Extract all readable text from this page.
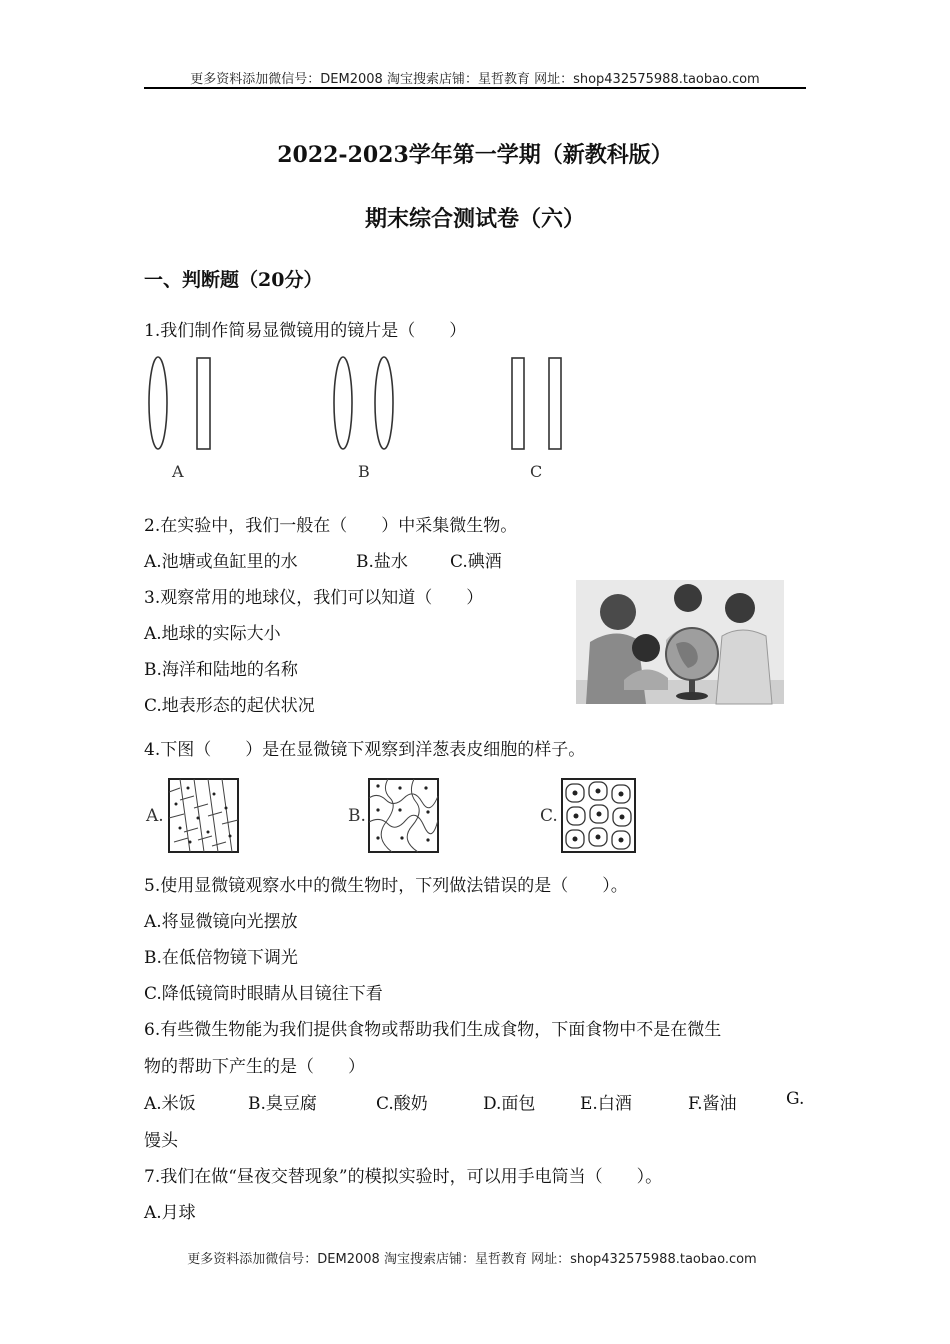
更多资料添加微信号：DEM2008 淘宝搜索店铺：星哲教育 网址：shop432575988.taobao.com
2022-2023学年第一学期（新教科版）
期末综合测试卷（六）
一、判断题（20分）
1.我们制作简易显微镜用的镜片是（　　）
A	B	C
2.在实验中，我们一般在（　　）中采集微生物。
A.池塘或鱼缸里的水	B.盐水 C.碘酒
3.观察常用的地球仪，我们可以知道（　　）
A.地球的实际大小
B.海洋和陆地的名称
C.地表形态的起伏状况
4.下图（　　）是在显微镜下观察到洋葱表皮细胞的样子。
A.	B.	C.
5.使用显微镜观察水中的微生物时，下列做法错误的是（　　）。
A.将显微镜向光摆放
B.在低倍物镜下调光
C.降低镜筒时眼睛从目镜往下看
6.有些微生物能为我们提供食物或帮助我们生成食物，下面食物中不是在微生
物的帮助下产生的是（　　）
A.米饭	B.臭豆腐	C.酸奶	D.面包	E.白酒	F.酱油	G.
馒头
7.我们在做“昼夜交替现象”的模拟实验时，可以用手电筒当（　　）。
A.月球
更多资料添加微信号：DEM2008 淘宝搜索店铺：星哲教育 网址：shop432575988.taobao.com
